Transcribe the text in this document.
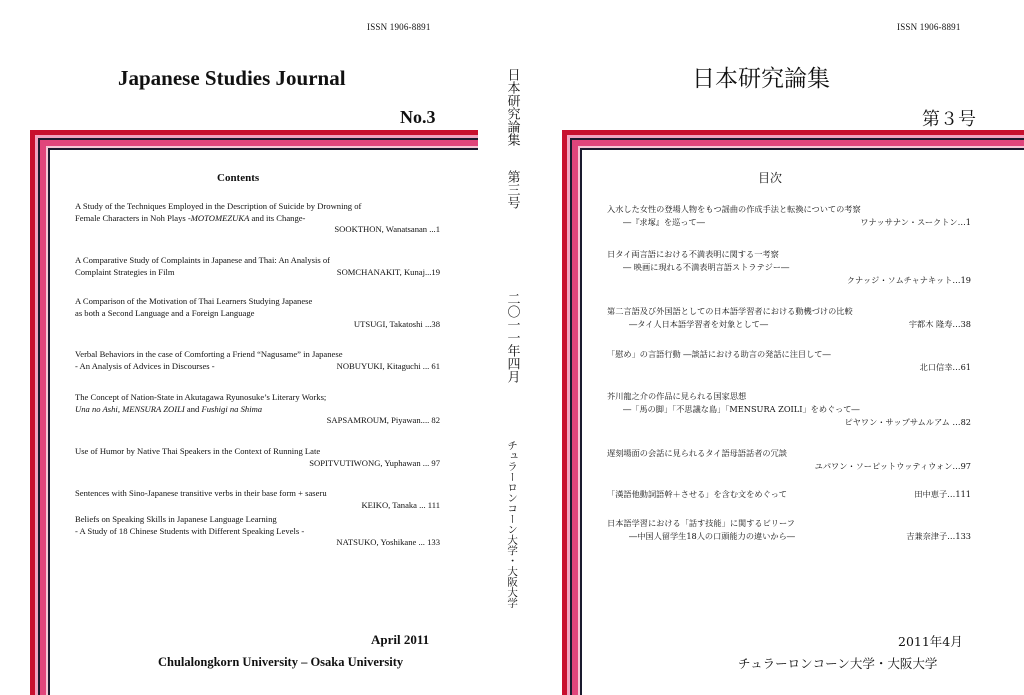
ISSN 1906-8891
Japanese Studies Journal
No.3
Contents
A Study of the Techniques Employed in the Description of Suicide by Drowning of
Female Characters in Noh Plays -MOTOMEZUKA and its Change-
SOOKTHON, Wanatsanan ...1
A Comparative Study of Complaints in Japanese and Thai: An Analysis of
Complaint Strategies in Film	SOMCHANAKIT, Kunaj...19
A Comparison of the Motivation of Thai Learners Studying Japanese
as both a Second Language and a Foreign Language
UTSUGI, Takatoshi ...38
Verbal Behaviors in the case of Comforting a Friend “Nagusame” in Japanese
- An Analysis of Advices in Discourses -	NOBUYUKI, Kitaguchi ... 61
The Concept of Nation-State in Akutagawa Ryunosuke’s Literary Works;
Una no Ashi, MENSURA ZOILI and Fushigi na Shima
SAPSAMROUM, Piyawan.... 82
Use of Humor by Native Thai Speakers in the Context of Running Late
SOPITVUTIWONG, Yuphawan ... 97
Sentences with Sino-Japanese transitive verbs in their base form + saseru
KEIKO, Tanaka ... 111
Beliefs on Speaking Skills in Japanese Language Learning
- A Study of 18 Chinese Students with Different Speaking Levels -
NATSUKO, Yoshikane ... 133
April 2011
Chulalongkorn University – Osaka University
日本研究論集
第三号
二〇一一年四月
チュラーロンコーン大学・大阪大学
ISSN 1906-8891
日本研究論集
第３号
目次
入水した女性の登場人物をもつ謡曲の作成手法と転換についての考察
―『求塚』を巡って―	ワナッサナン・スークトン…1
日タイ両言語における不満表明に関する一考察
― 映画に現れる不満表明言語ストラテジー―
クナッジ・ソムチャナキット…19
第二言語及び外国語としての日本語学習者における動機づけの比較
―タイ人日本語学習者を対象として―	宇都木 隆寿…38
「慰め」の言語行動 ―談話における助言の発話に注目して―
北口信幸…61
芥川龍之介の作品に見られる国家思想
―「馬の脚」「不思議な島」「MENSURA ZOILI」をめぐって―
ピヤワン・サップサムルアム …82
遅刻場面の会話に見られるタイ語母語話者の冗談
ユパワン・ソーピットウッティウォン…97
「漢語他動詞語幹＋させる」を含む文をめぐって	田中恵子…111
日本語学習における「話す技能」に関するビリーフ
―中国人留学生18人の口頭能力の違いから―	吉兼奈津子…133
2011年4月
チュラーロンコーン大学・大阪大学
